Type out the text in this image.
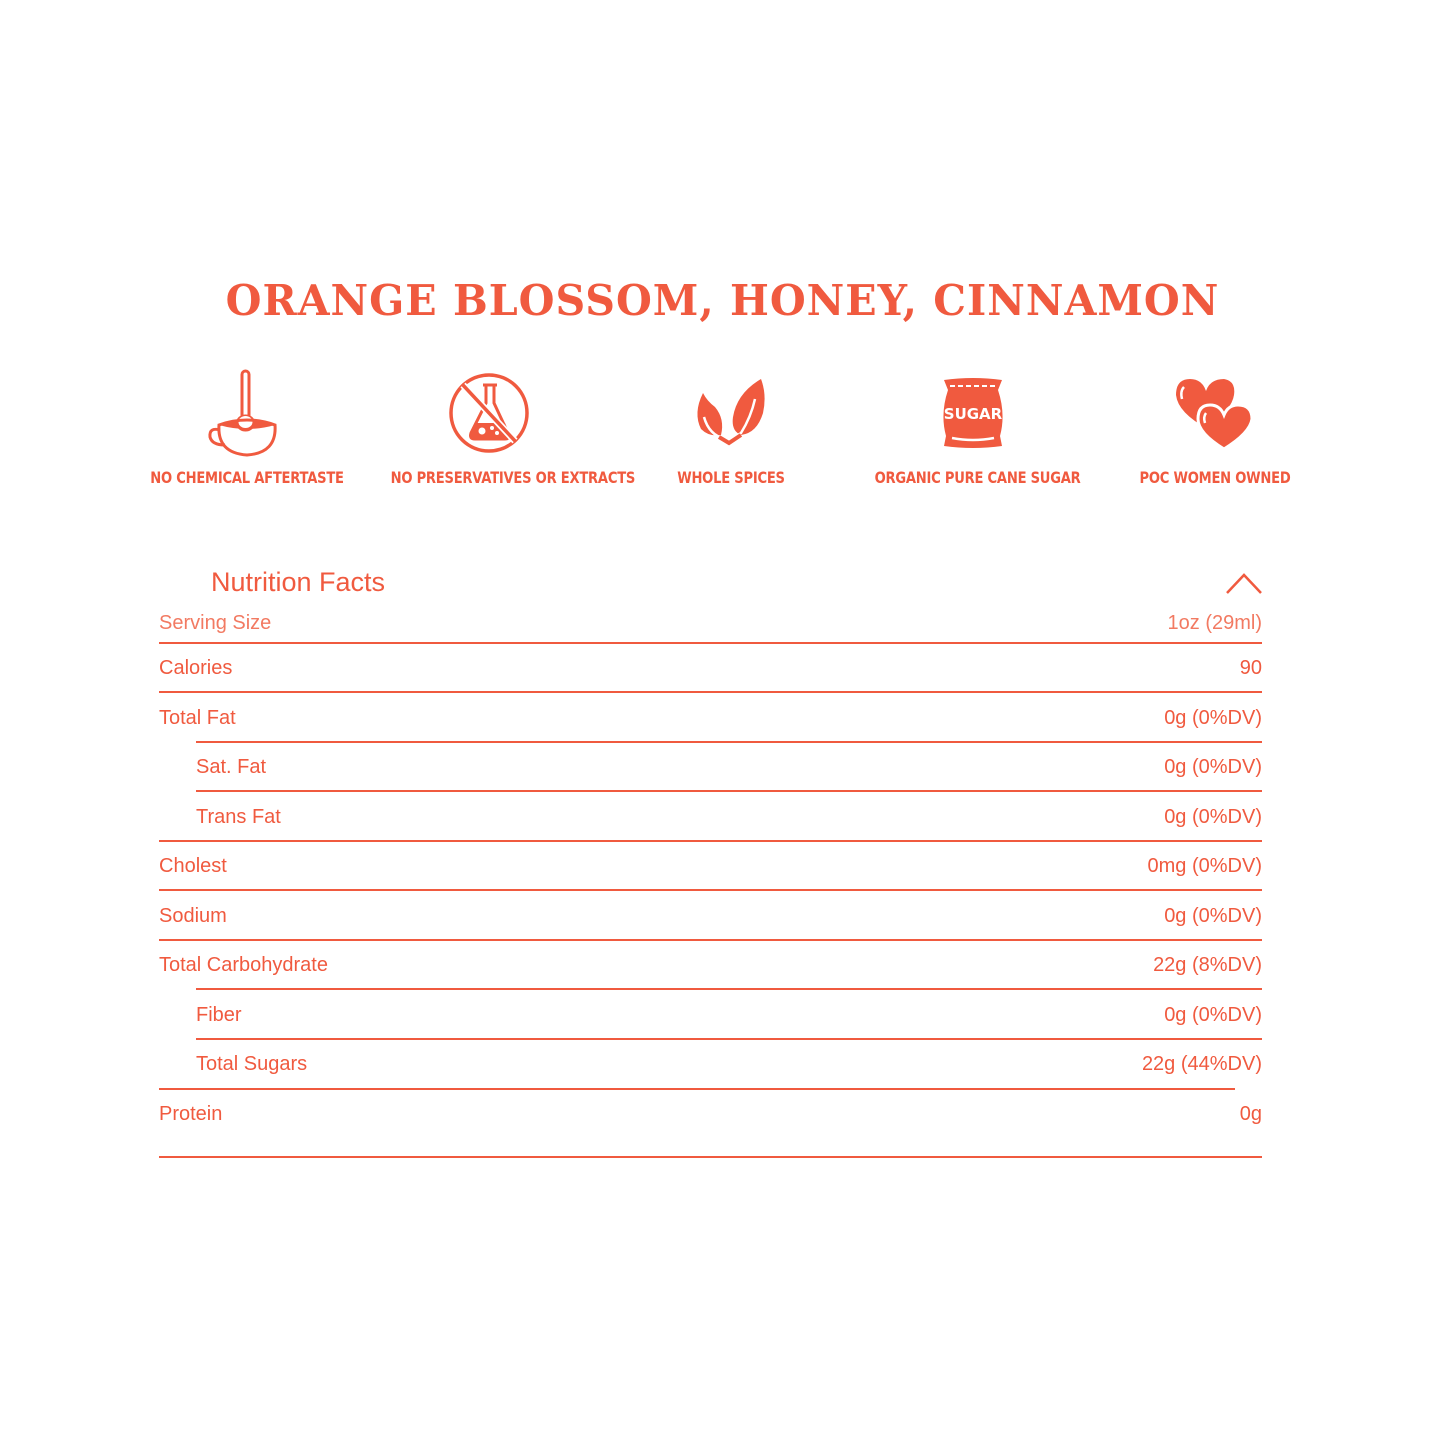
ORANGE BLOSSOM, HONEY, CINNAMON
NO CHEMICAL AFTERTASTE	NO PRESERVATIVES OR EXTRACTS	WHOLE SPICES
SUGAR
ORGANIC PURE CANE SUGAR	POC WOMEN OWNED
Nutrition Facts
Serving Size	1oz (29ml)
Calories	90
Total Fat	0g (0%DV)
Sat. Fat	0g (0%DV)
Trans Fat	0g (0%DV)
Cholest	0mg (0%DV)
Sodium	0g (0%DV)
Total Carbohydrate	22g (8%DV)
Fiber	0g (0%DV)
Total Sugars	22g (44%DV)
Protein	0g
